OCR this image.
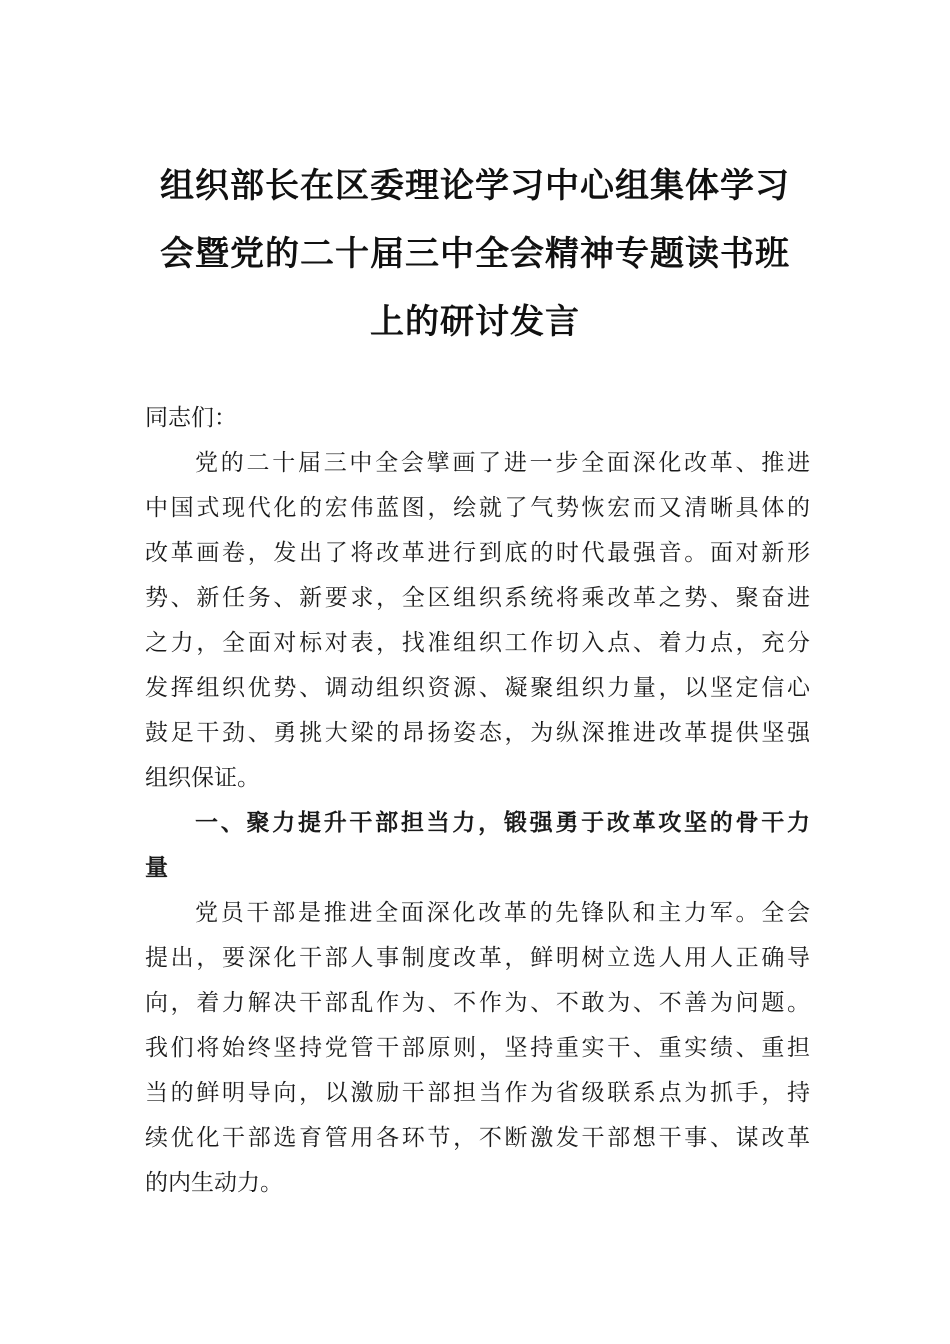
组织部长在区委理论学习中心组集体学习
会暨党的二十届三中全会精神专题读书班
上的研讨发言
同志们：
党的二十届三中全会擘画了进一步全面深化改革、推进
中国式现代化的宏伟蓝图，绘就了气势恢宏而又清晰具体的
改革画卷，发出了将改革进行到底的时代最强音。面对新形
势、新任务、新要求，全区组织系统将乘改革之势、聚奋进
之力，全面对标对表，找准组织工作切入点、着力点，充分
发挥组织优势、调动组织资源、凝聚组织力量，以坚定信心
鼓足干劲、勇挑大梁的昂扬姿态，为纵深推进改革提供坚强
组织保证。
一、聚力提升干部担当力，锻强勇于改革攻坚的骨干力
量
党员干部是推进全面深化改革的先锋队和主力军。全会
提出，要深化干部人事制度改革，鲜明树立选人用人正确导
向，着力解决干部乱作为、不作为、不敢为、不善为问题。
我们将始终坚持党管干部原则，坚持重实干、重实绩、重担
当的鲜明导向，以激励干部担当作为省级联系点为抓手，持
续优化干部选育管用各环节，不断激发干部想干事、谋改革
的内生动力。
